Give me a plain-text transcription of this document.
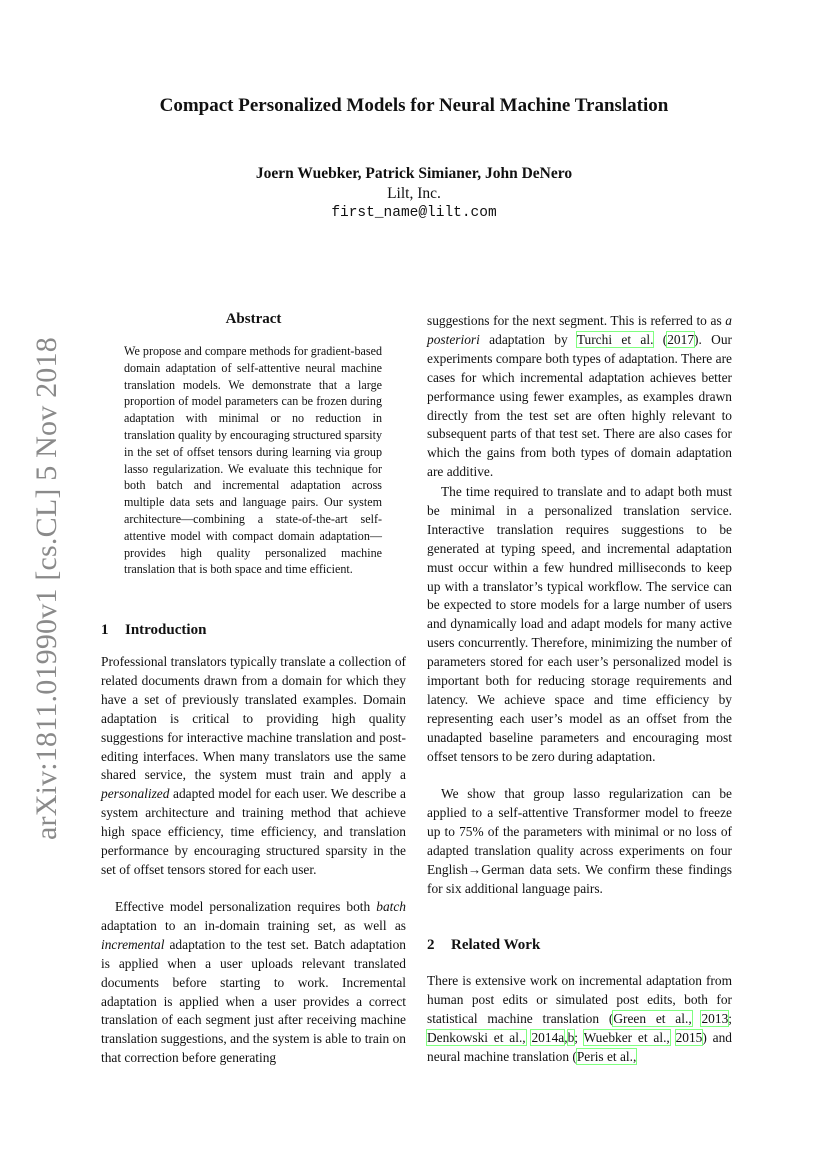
arXiv:1811.01990v1 [cs.CL] 5 Nov 2018
Compact Personalized Models for Neural Machine Translation
Joern Wuebker, Patrick Simianer, John DeNero
Lilt, Inc.
first_name@lilt.com
Abstract
We propose and compare methods for gradient-based domain adaptation of self-attentive neural machine translation models. We demonstrate that a large proportion of model parameters can be frozen during adaptation with minimal or no reduction in translation quality by encouraging structured sparsity in the set of offset tensors during learning via group lasso regularization. We evaluate this technique for both batch and incremental adaptation across multiple data sets and language pairs. Our system architecture—combining a state-of-the-art self-attentive model with compact domain adaptation—provides high quality personalized machine translation that is both space and time efficient.
1 Introduction
Professional translators typically translate a collection of related documents drawn from a domain for which they have a set of previously translated examples. Domain adaptation is critical to providing high quality suggestions for interactive machine translation and post-editing interfaces. When many translators use the same shared service, the system must train and apply a personalized adapted model for each user. We describe a system architecture and training method that achieve high space efficiency, time efficiency, and translation performance by encouraging structured sparsity in the set of offset tensors stored for each user.
Effective model personalization requires both batch adaptation to an in-domain training set, as well as incremental adaptation to the test set. Batch adaptation is applied when a user uploads relevant translated documents before starting to work. Incremental adaptation is applied when a user provides a correct translation of each segment just after receiving machine translation suggestions, and the system is able to train on that correction before generating
suggestions for the next segment. This is referred to as a posteriori adaptation by Turchi et al. (2017). Our experiments compare both types of adaptation. There are cases for which incremental adaptation achieves better performance using fewer examples, as examples drawn directly from the test set are often highly relevant to subsequent parts of that test set. There are also cases for which the gains from both types of domain adaptation are additive.
The time required to translate and to adapt both must be minimal in a personalized translation service. Interactive translation requires suggestions to be generated at typing speed, and incremental adaptation must occur within a few hundred milliseconds to keep up with a translator’s typical workflow. The service can be expected to store models for a large number of users and dynamically load and adapt models for many active users concurrently. Therefore, minimizing the number of parameters stored for each user’s personalized model is important both for reducing storage requirements and latency. We achieve space and time efficiency by representing each user’s model as an offset from the unadapted baseline parameters and encouraging most offset tensors to be zero during adaptation.
We show that group lasso regularization can be applied to a self-attentive Transformer model to freeze up to 75% of the parameters with minimal or no loss of adapted translation quality across experiments on four English→German data sets. We confirm these findings for six additional language pairs.
2 Related Work
There is extensive work on incremental adaptation from human post edits or simulated post edits, both for statistical machine translation (Green et al., 2013; Denkowski et al., 2014a,b; Wuebker et al., 2015) and neural machine translation (Peris et al.,
